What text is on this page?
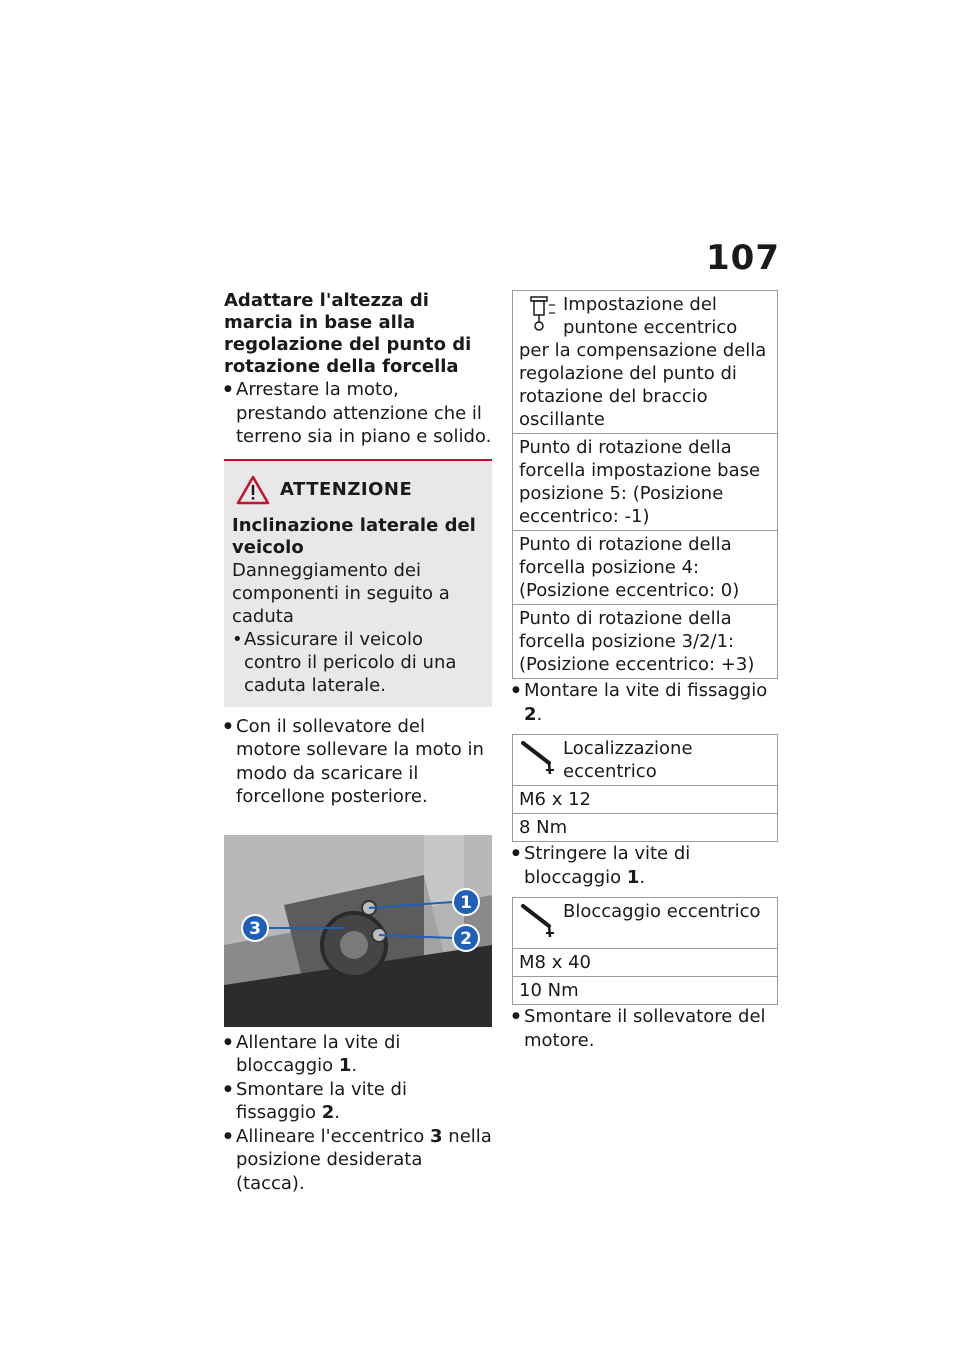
107

Adattare l'altezza di marcia in base alla regolazione del punto di rotazione della forcella

● Arrestare la moto, prestando attenzione che il terreno sia in piano e solido.
ATTENZIONE
Inclinazione laterale del veicolo
Danneggiamento dei componenti in seguito a caduta
• Assicurare il veicolo contro il pericolo di una caduta laterale.
● Con il sollevatore del motore sollevare la moto in modo da scaricare il forcellone posteriore.
1
2
3
● Allentare la vite di bloccaggio 1.
● Smontare la vite di fissaggio 2.
● Allineare l'eccentrico 3 nella posizione desiderata (tacca).
Impostazione del puntone eccentrico per la compensazione della regolazione del punto di rotazione del braccio oscillante
Punto di rotazione della forcella impostazione base posizione 5: (Posizione eccentrico: -1)
Punto di rotazione della forcella posizione 4: (Posizione eccentrico: 0)
Punto di rotazione della forcella posizione 3/2/1: (Posizione eccentrico: +3)
● Montare la vite di fissaggio 2.
Localizzazione eccentrico
M6 x 12
8 Nm
● Stringere la vite di bloccaggio 1.
Bloccaggio eccentrico
M8 x 40
10 Nm
● Smontare il sollevatore del motore.
